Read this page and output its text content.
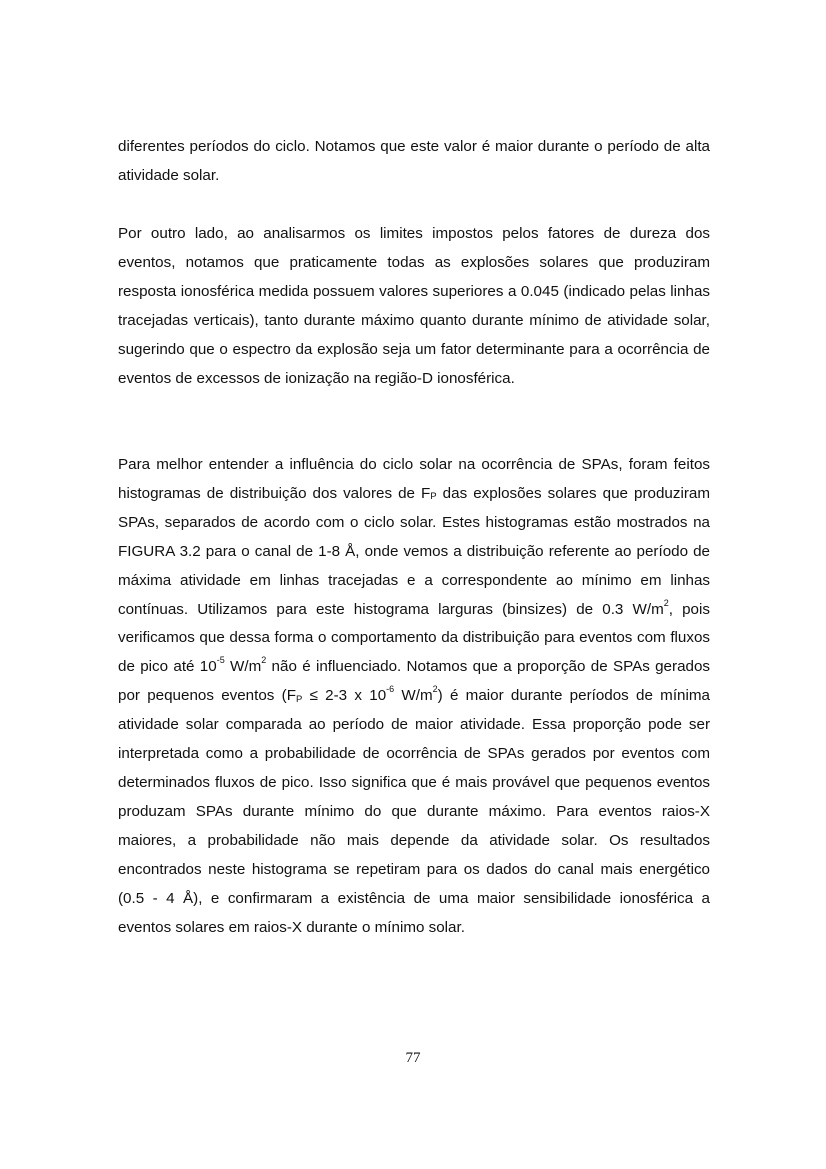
diferentes períodos do ciclo. Notamos que este valor é maior durante o período de alta atividade solar.

Por outro lado, ao analisarmos os limites impostos pelos fatores de dureza dos eventos, notamos que praticamente todas as explosões solares que produziram resposta ionosférica medida possuem valores superiores a 0.045 (indicado pelas linhas tracejadas verticais), tanto durante máximo quanto durante mínimo de atividade solar, sugerindo que o espectro da explosão seja um fator determinante para a ocorrência de eventos de excessos de ionização na região-D ionosférica.

Para melhor entender a influência do ciclo solar na ocorrência de SPAs, foram feitos histogramas de distribuição dos valores de $F_P$ das explosões solares que produziram SPAs, separados de acordo com o ciclo solar. Estes histogramas estão mostrados na FIGURA 3.2 para o canal de 1-8 Å, onde vemos a distribuição referente ao período de máxima atividade em linhas tracejadas e a correspondente ao mínimo em linhas contínuas. Utilizamos para este histograma larguras (binsizes) de 0.3 $W/m^2$, pois verificamos que dessa forma o comportamento da distribuição para eventos com fluxos de pico até $10^{-5}$ $W/m^2$ não é influenciado. Notamos que a proporção de SPAs gerados por pequenos eventos ($F_P \le 2-3$ x $10^{-6}$ $W/m^2$) é maior durante períodos de mínima atividade solar comparada ao período de maior atividade. Essa proporção pode ser interpretada como a probabilidade de ocorrência de SPAs gerados por eventos com determinados fluxos de pico. Isso significa que é mais provável que pequenos eventos produzam SPAs durante mínimo do que durante máximo. Para eventos raios-X maiores, a probabilidade não mais depende da atividade solar. Os resultados encontrados neste histograma se repetiram para os dados do canal mais energético (0.5 - 4 Å), e confirmaram a existência de uma maior sensibilidade ionosférica a eventos solares em raios-X durante o mínimo solar.

77
